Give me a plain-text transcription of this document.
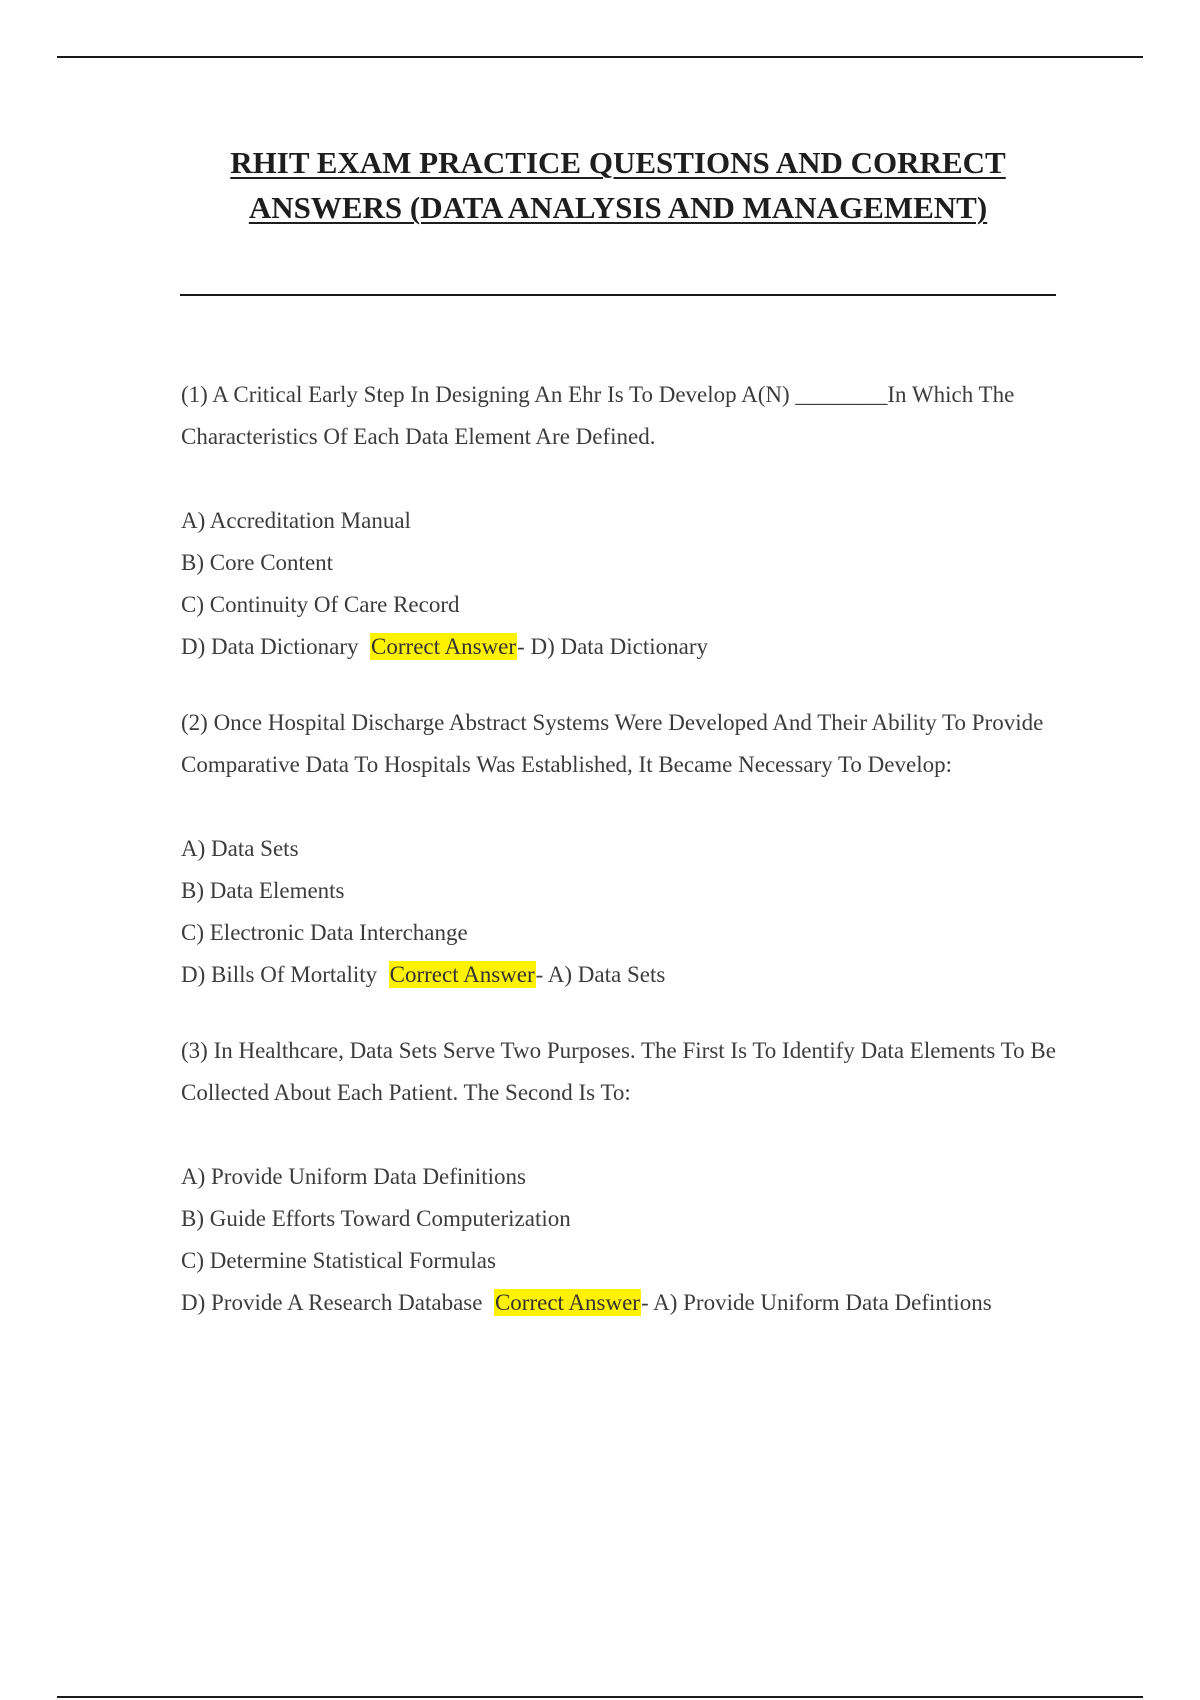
RHIT EXAM PRACTICE QUESTIONS AND CORRECT ANSWERS (DATA ANALYSIS AND MANAGEMENT)

(1) A Critical Early Step In Designing An Ehr Is To Develop A(N) ________In Which The Characteristics Of Each Data Element Are Defined.

A) Accreditation Manual
B) Core Content
C) Continuity Of Care Record
D) Data Dictionary Correct Answer- D) Data Dictionary

(2) Once Hospital Discharge Abstract Systems Were Developed And Their Ability To Provide Comparative Data To Hospitals Was Established, It Became Necessary To Develop:

A) Data Sets
B) Data Elements
C) Electronic Data Interchange
D) Bills Of Mortality Correct Answer- A) Data Sets

(3) In Healthcare, Data Sets Serve Two Purposes. The First Is To Identify Data Elements To Be Collected About Each Patient. The Second Is To:

A) Provide Uniform Data Definitions
B) Guide Efforts Toward Computerization
C) Determine Statistical Formulas
D) Provide A Research Database Correct Answer- A) Provide Uniform Data Defintions
